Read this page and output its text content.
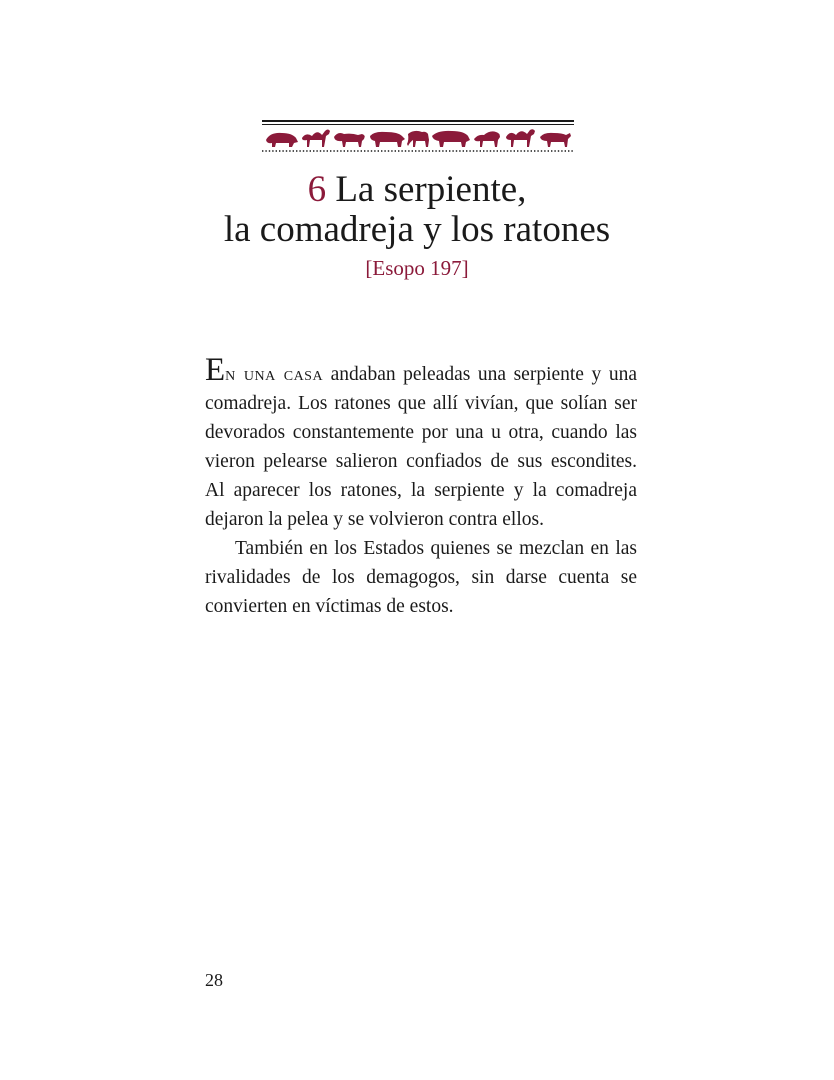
6 La serpiente,
la comadreja y los ratones
[Esopo 197]

En una casa andaban peleadas una serpiente y una comadreja. Los ratones que allí vivían, que solían ser devorados constantemente por una u otra, cuando las vieron pelearse salieron confiados de sus escondites. Al aparecer los ratones, la serpiente y la comadreja dejaron la pelea y se volvieron contra ellos.

También en los Estados quienes se mezclan en las rivalidades de los demagogos, sin darse cuenta se convierten en víctimas de estos.

28
